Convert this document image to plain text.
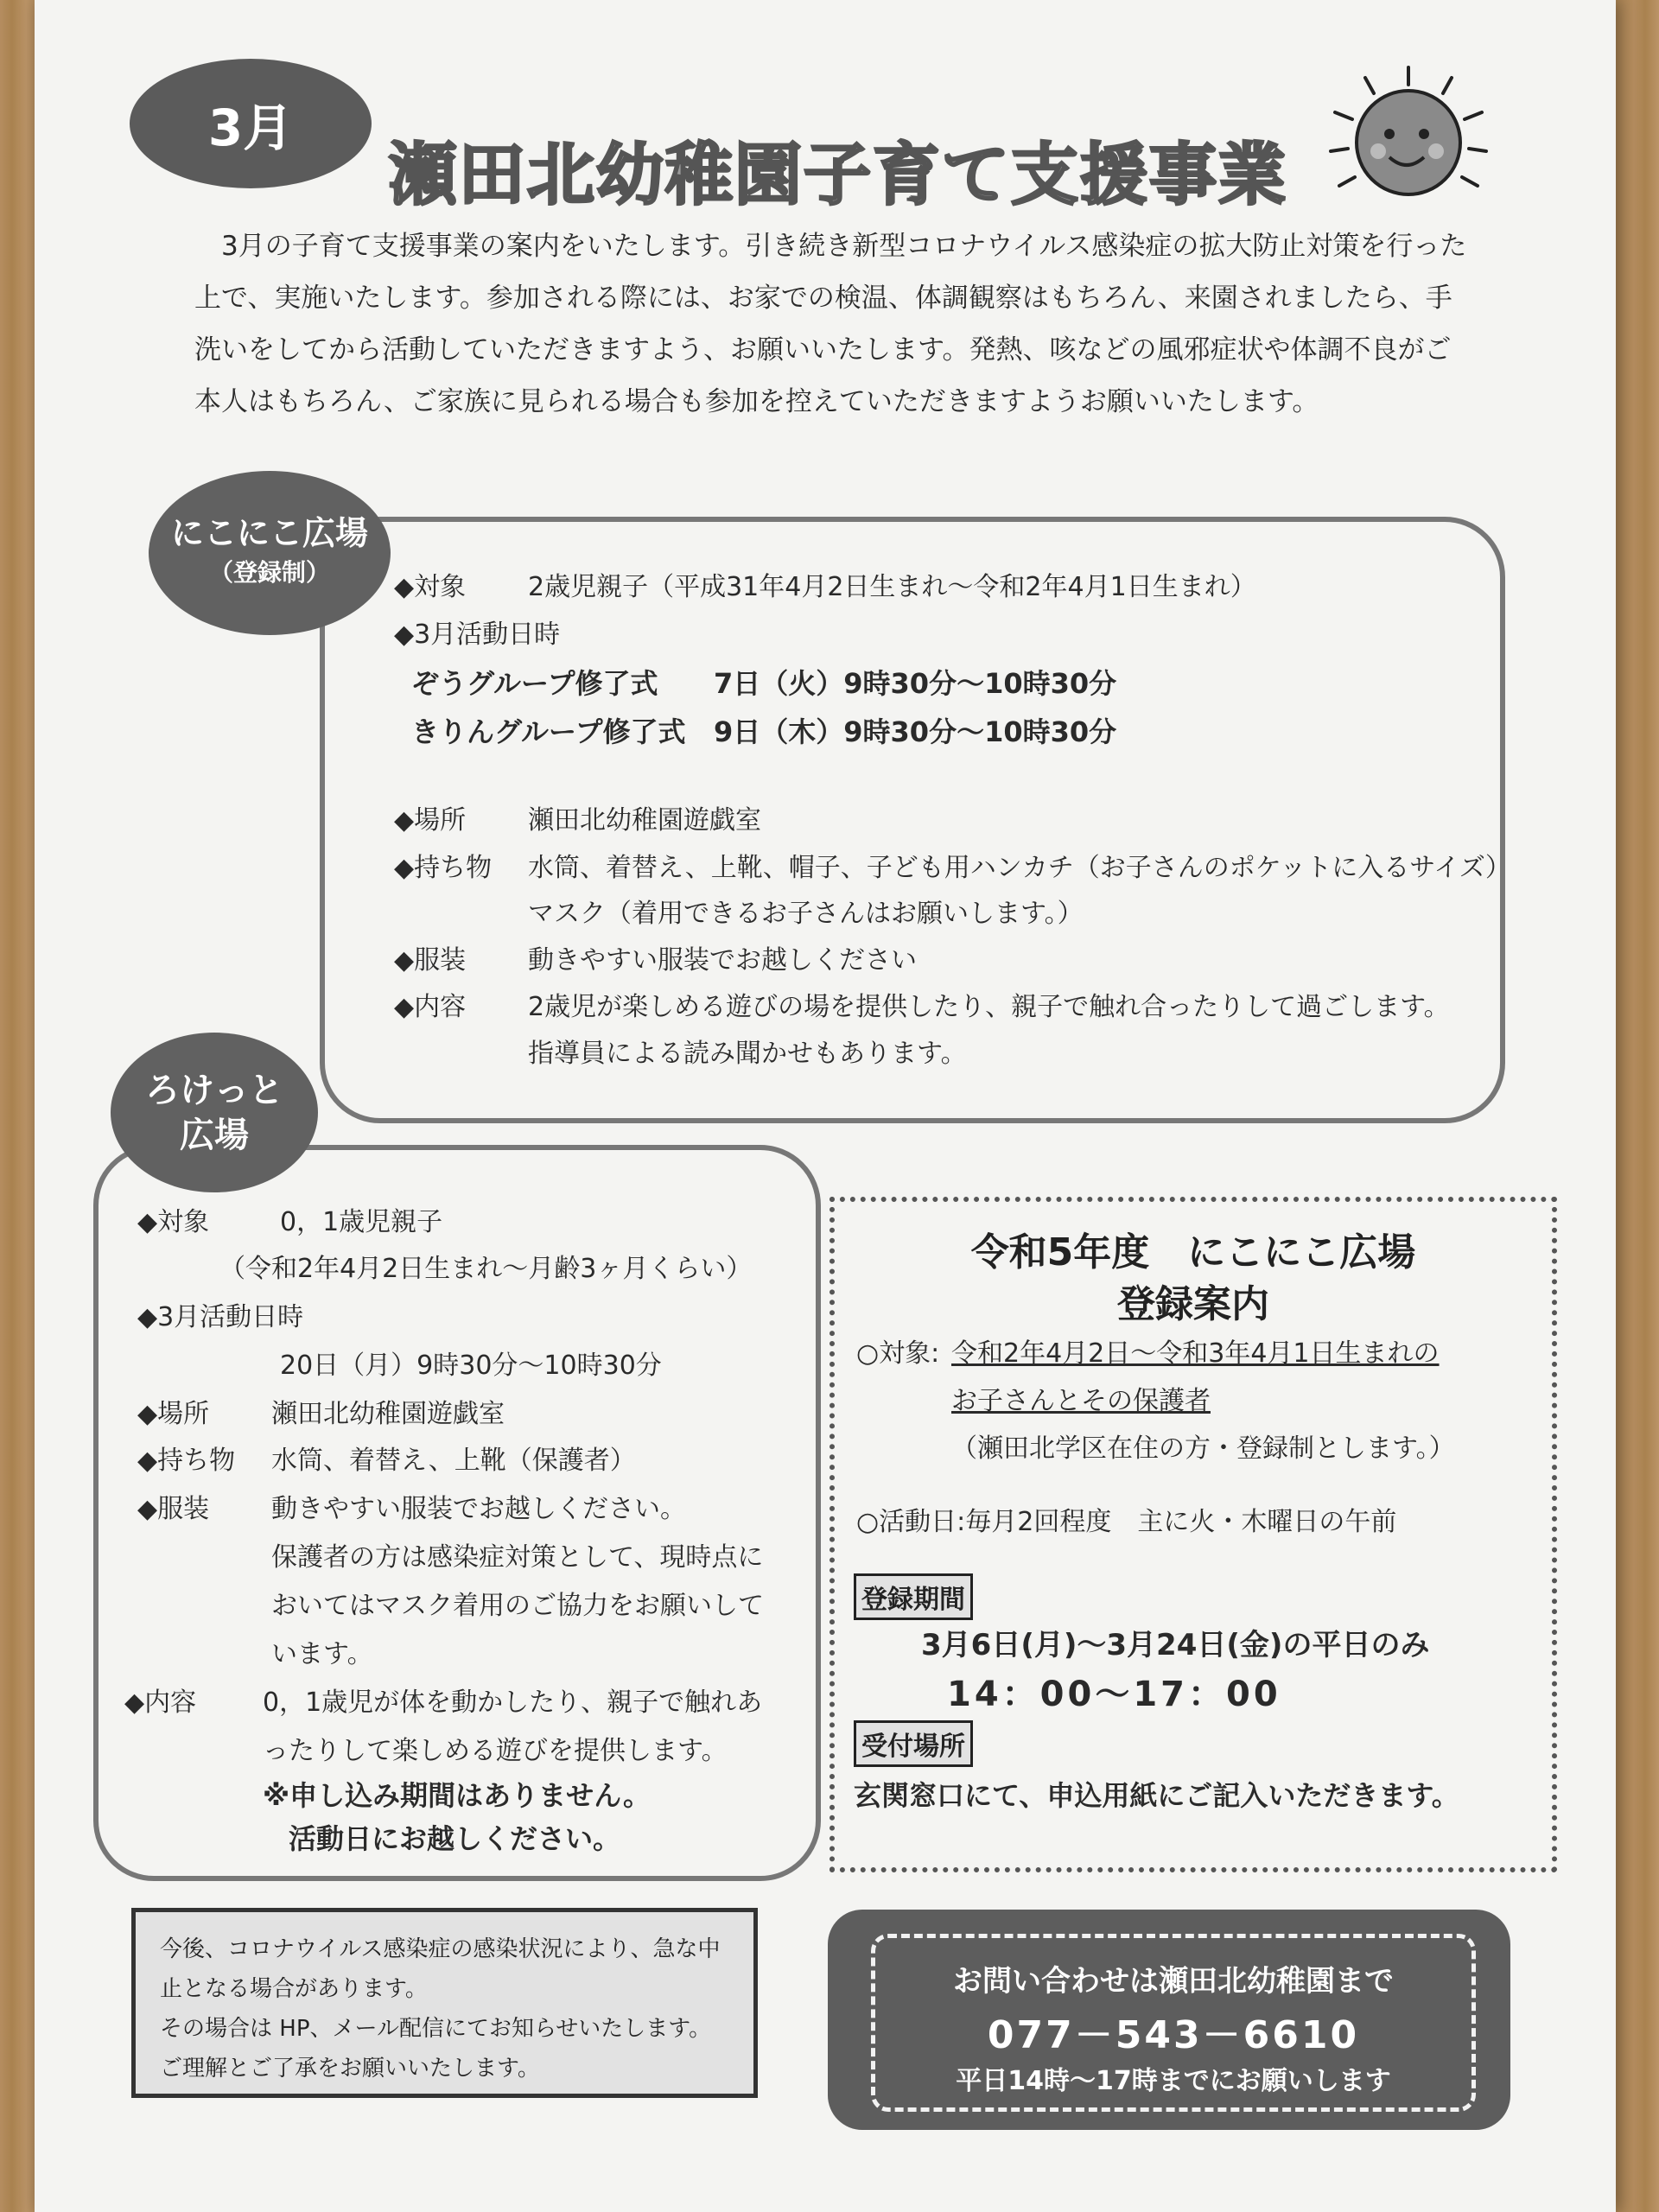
3月
瀬田北幼稚園子育て支援事業

3月の子育て支援事業の案内をいたします。引き続き新型コロナウイルス感染症の拡大防止対策を行った上で、実施いたします。参加される際には、お家での検温、体調観察はもちろん、来園されましたら、手洗いをしてから活動していただきますよう、お願いいたします。発熱、咳などの風邪症状や体調不良がご本人はもちろん、ご家族に見られる場合も参加を控えていただきますようお願いいたします。

◆対象 2歳児親子（平成31年4月2日生まれ～令和2年4月1日生まれ）
◆3月活動日時
ぞうグループ修了式 7日（火）9時30分～10時30分
きりんグループ修了式 9日（木）9時30分～10時30分
◆場所 瀬田北幼稚園遊戯室
◆持ち物 水筒、着替え、上靴、帽子、子ども用ハンカチ（お子さんのポケットに入るサイズ）
マスク（着用できるお子さんはお願いします。）
◆服装 動きやすい服装でお越しください
◆内容 2歳児が楽しめる遊びの場を提供したり、親子で触れ合ったりして過ごします。
指導員による読み聞かせもあります。
にこにこ広場
（登録制）
◆対象	0，1歳児親子
（令和2年4月2日生まれ～月齢3ヶ月くらい）
◆3月活動日時
20日（月）9時30分～10時30分
◆場所 瀬田北幼稚園遊戯室
◆持ち物 水筒、着替え、上靴（保護者）
◆服装 動きやすい服装でお越しください。
保護者の方は感染症対策として、現時点に
おいてはマスク着用のご協力をお願いして
います。
◆内容	0，1歳児が体を動かしたり、親子で触れあ
ったりして楽しめる遊びを提供します。
※申し込み期間はありません。
活動日にお越しください。
ろけっと
広場
令和5年度　にこにこ広場
登録案内
○対象: 令和2年4月2日～令和3年4月1日生まれの
お子さんとその保護者
（瀬田北学区在住の方・登録制とします。）
○活動日:毎月2回程度　主に火・木曜日の午前
登録期間
3月6日(月)～3月24日(金)の平日のみ
14：00～17：00
受付場所
玄関窓口にて、申込用紙にご記入いただきます。

今後、コロナウイルス感染症の感染状況により、急な中

止となる場合があります。

その場合は HP、メール配信にてお知らせいたします。

ご理解とご了承をお願いいたします。

お問い合わせは瀬田北幼稚園まで
077－543－6610
平日14時～17時までにお願いします
